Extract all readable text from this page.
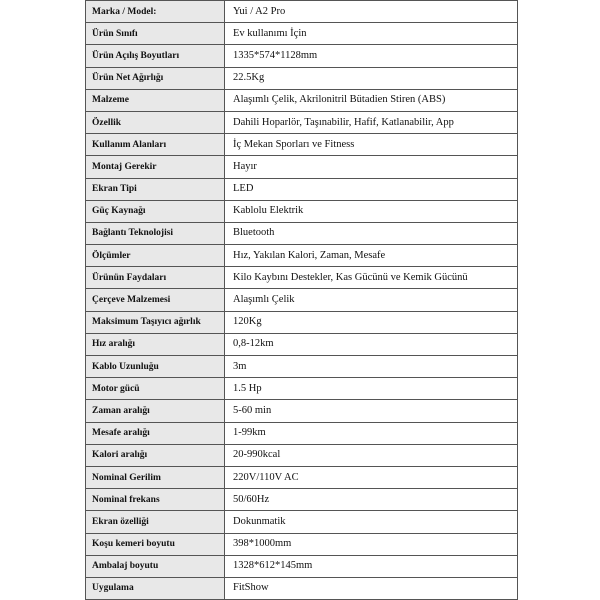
Marka / Model:	Yui / A2 Pro
Ürün Sınıfı	Ev kullanımı İçin
Ürün Açılış Boyutları	1335*574*1128mm
Ürün Net Ağırlığı	22.5Kg
Malzeme	Alaşımlı Çelik, Akrilonitril Bütadien Stiren (ABS)
Özellik	Dahili Hoparlör, Taşınabilir, Hafif, Katlanabilir, App
Kullanım Alanları	İç Mekan Sporları ve Fitness
Montaj Gerekir	Hayır
Ekran Tipi	LED
Güç Kaynağı	Kablolu Elektrik
Bağlantı Teknolojisi	Bluetooth
Ölçümler	Hız, Yakılan Kalori, Zaman, Mesafe
Ürünün Faydaları	Kilo Kaybını Destekler, Kas Gücünü ve Kemik Gücünü
Çerçeve Malzemesi	Alaşımlı Çelik
Maksimum Taşıyıcı ağırlık	120Kg
Hız aralığı	0,8-12km
Kablo Uzunluğu	3m
Motor gücü	1.5 Hp
Zaman aralığı	5-60 min
Mesafe aralığı	1-99km
Kalori aralığı	20-990kcal
Nominal Gerilim	220V/110V AC
Nominal frekans	50/60Hz
Ekran özelliği	Dokunmatik
Koşu kemeri boyutu	398*1000mm
Ambalaj boyutu	1328*612*145mm
Uygulama	FitShow
